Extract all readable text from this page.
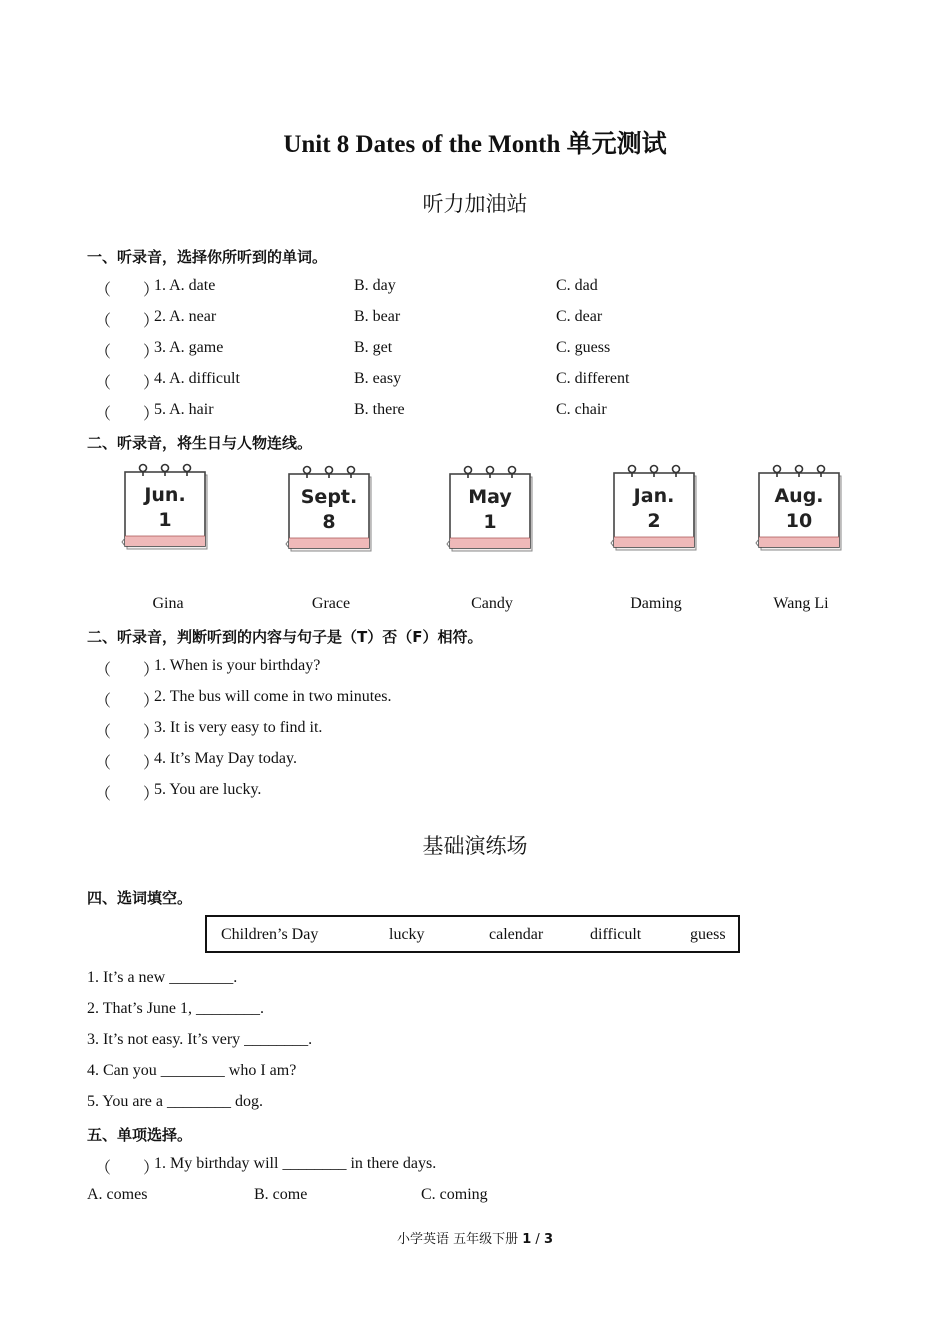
Unit 8 Dates of the Month 单元测试
听力加油站
一、听录音，选择你所听到的单词。
（　　）
1. A. date	B. day	C. dad
（　　）
2. A. near	B. bear	C. dear
（　　）
3. A. game	B. get	C. guess
（　　）
4. A. difficult	B. easy	C. different
（　　）
5. A. hair	B. there	C. chair
二、听录音，将生日与人物连线。
Jun.
1
Sept.
8
May
1
Jan.
2
Aug.
10
Gina	Grace	Candy	Daming	Wang Li
二、听录音，判断听到的内容与句子是（T）否（F）相符。
（　　）
1. When is your birthday?
（　　）
2. The bus will come in two minutes.
（　　）
3. It is very easy to find it.
（　　）
4. It’s May Day today.
（　　）
5. You are lucky.
基础演练场
四、选词填空。
Children’s Day	lucky	calendar	difficult	guess
1. It’s a new ________.
2. That’s June 1, ________.
3. It’s not easy. It’s very ________.
4. Can you ________ who I am?
5. You are a ________ dog.
五、单项选择。
（　　）
1. My birthday will ________ in there days.
A. comes	B. come	C. coming
小学英语 五年级下册 1 / 3
